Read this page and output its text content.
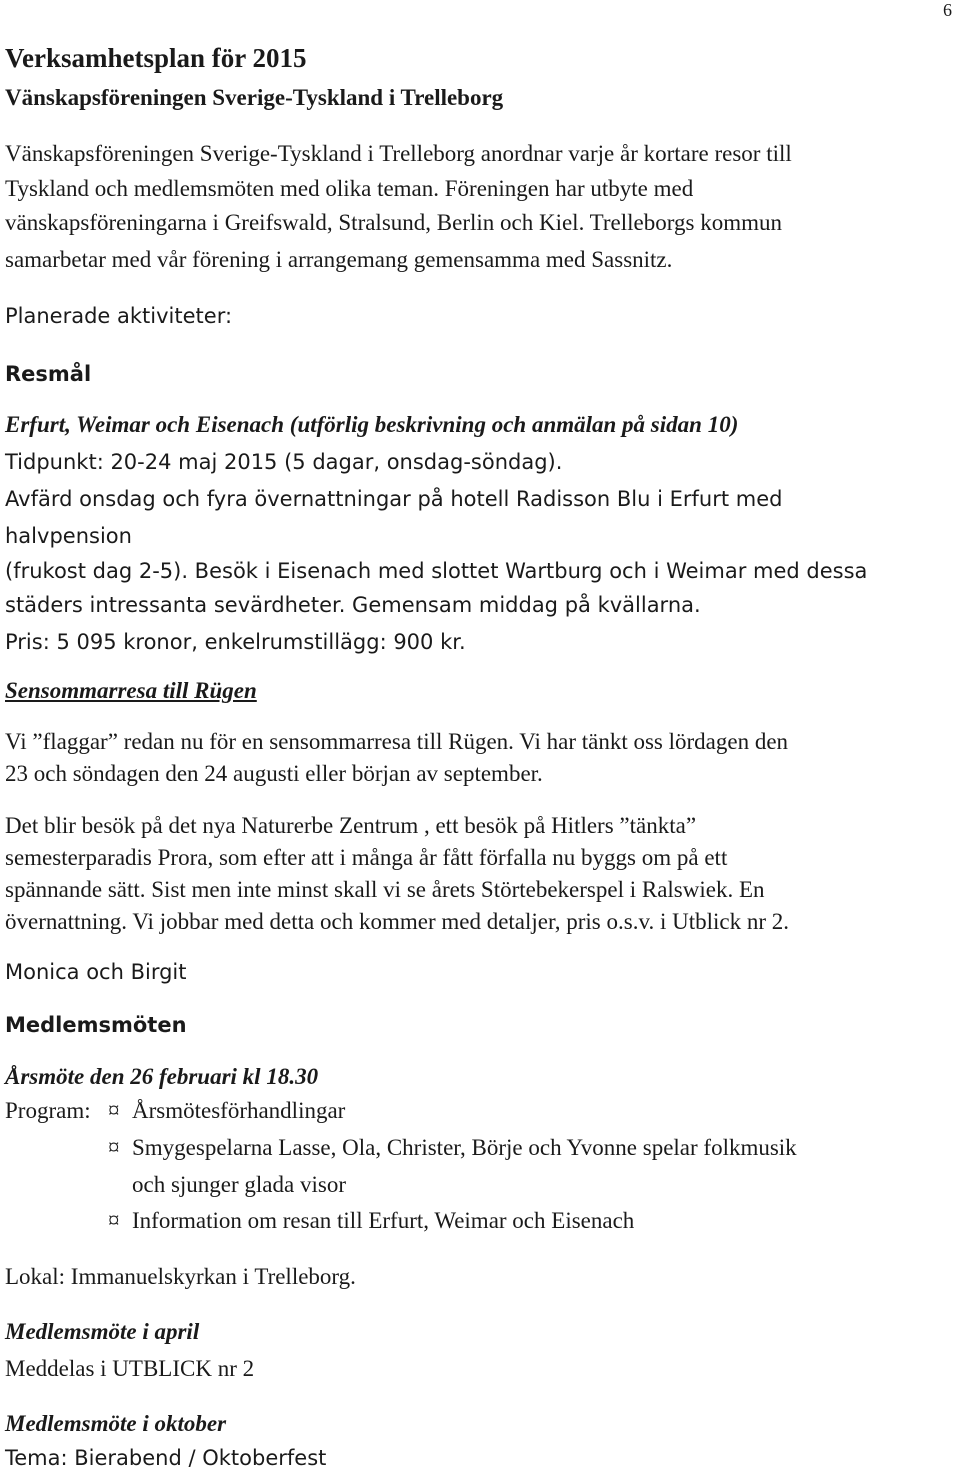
6
Verksamhetsplan för 2015
Vänskapsföreningen Sverige-Tyskland i Trelleborg
Vänskapsföreningen Sverige-Tyskland i Trelleborg anordnar varje år kortare resor till
Tyskland och medlemsmöten med olika teman. Föreningen har utbyte med
vänskapsföreningarna i Greifswald, Stralsund, Berlin och Kiel. Trelleborgs kommun
samarbetar med vår förening i arrangemang gemensamma med Sassnitz.
Planerade aktiviteter:
Resmål
Erfurt, Weimar och Eisenach (utförlig beskrivning och anmälan på sidan 10)
Tidpunkt: 20-24 maj 2015 (5 dagar, onsdag-söndag).
Avfärd onsdag och fyra övernattningar på hotell Radisson Blu i Erfurt med
halvpension
(frukost dag 2-5). Besök i Eisenach med slottet Wartburg och i Weimar med dessa
städers intressanta sevärdheter. Gemensam middag på kvällarna.
Pris: 5 095 kronor, enkelrumstillägg: 900 kr.
Sensommarresa till Rügen
Vi ”flaggar” redan nu för en sensommarresa till Rügen. Vi har tänkt oss lördagen den
23 och söndagen den 24 augusti eller början av september.
Det blir besök på det nya Naturerbe Zentrum , ett besök på Hitlers ”tänkta”
semesterparadis Prora, som efter att i många år fått förfalla nu byggs om på ett
spännande sätt. Sist men inte minst skall vi se årets Störtebekerspel i Ralswiek. En
övernattning. Vi jobbar med detta och kommer med detaljer, pris o.s.v. i Utblick nr 2.
Monica och Birgit
Medlemsmöten
Årsmöte den 26 februari kl 18.30
Program: ¤ Årsmötesförhandlingar
¤ Smygespelarna Lasse, Ola, Christer, Börje och Yvonne spelar folkmusik
och sjunger glada visor
¤ Information om resan till Erfurt, Weimar och Eisenach
Lokal: Immanuelskyrkan i Trelleborg.
Medlemsmöte i april
Meddelas i UTBLICK nr 2
Medlemsmöte i oktober
Tema: Bierabend / Oktoberfest
